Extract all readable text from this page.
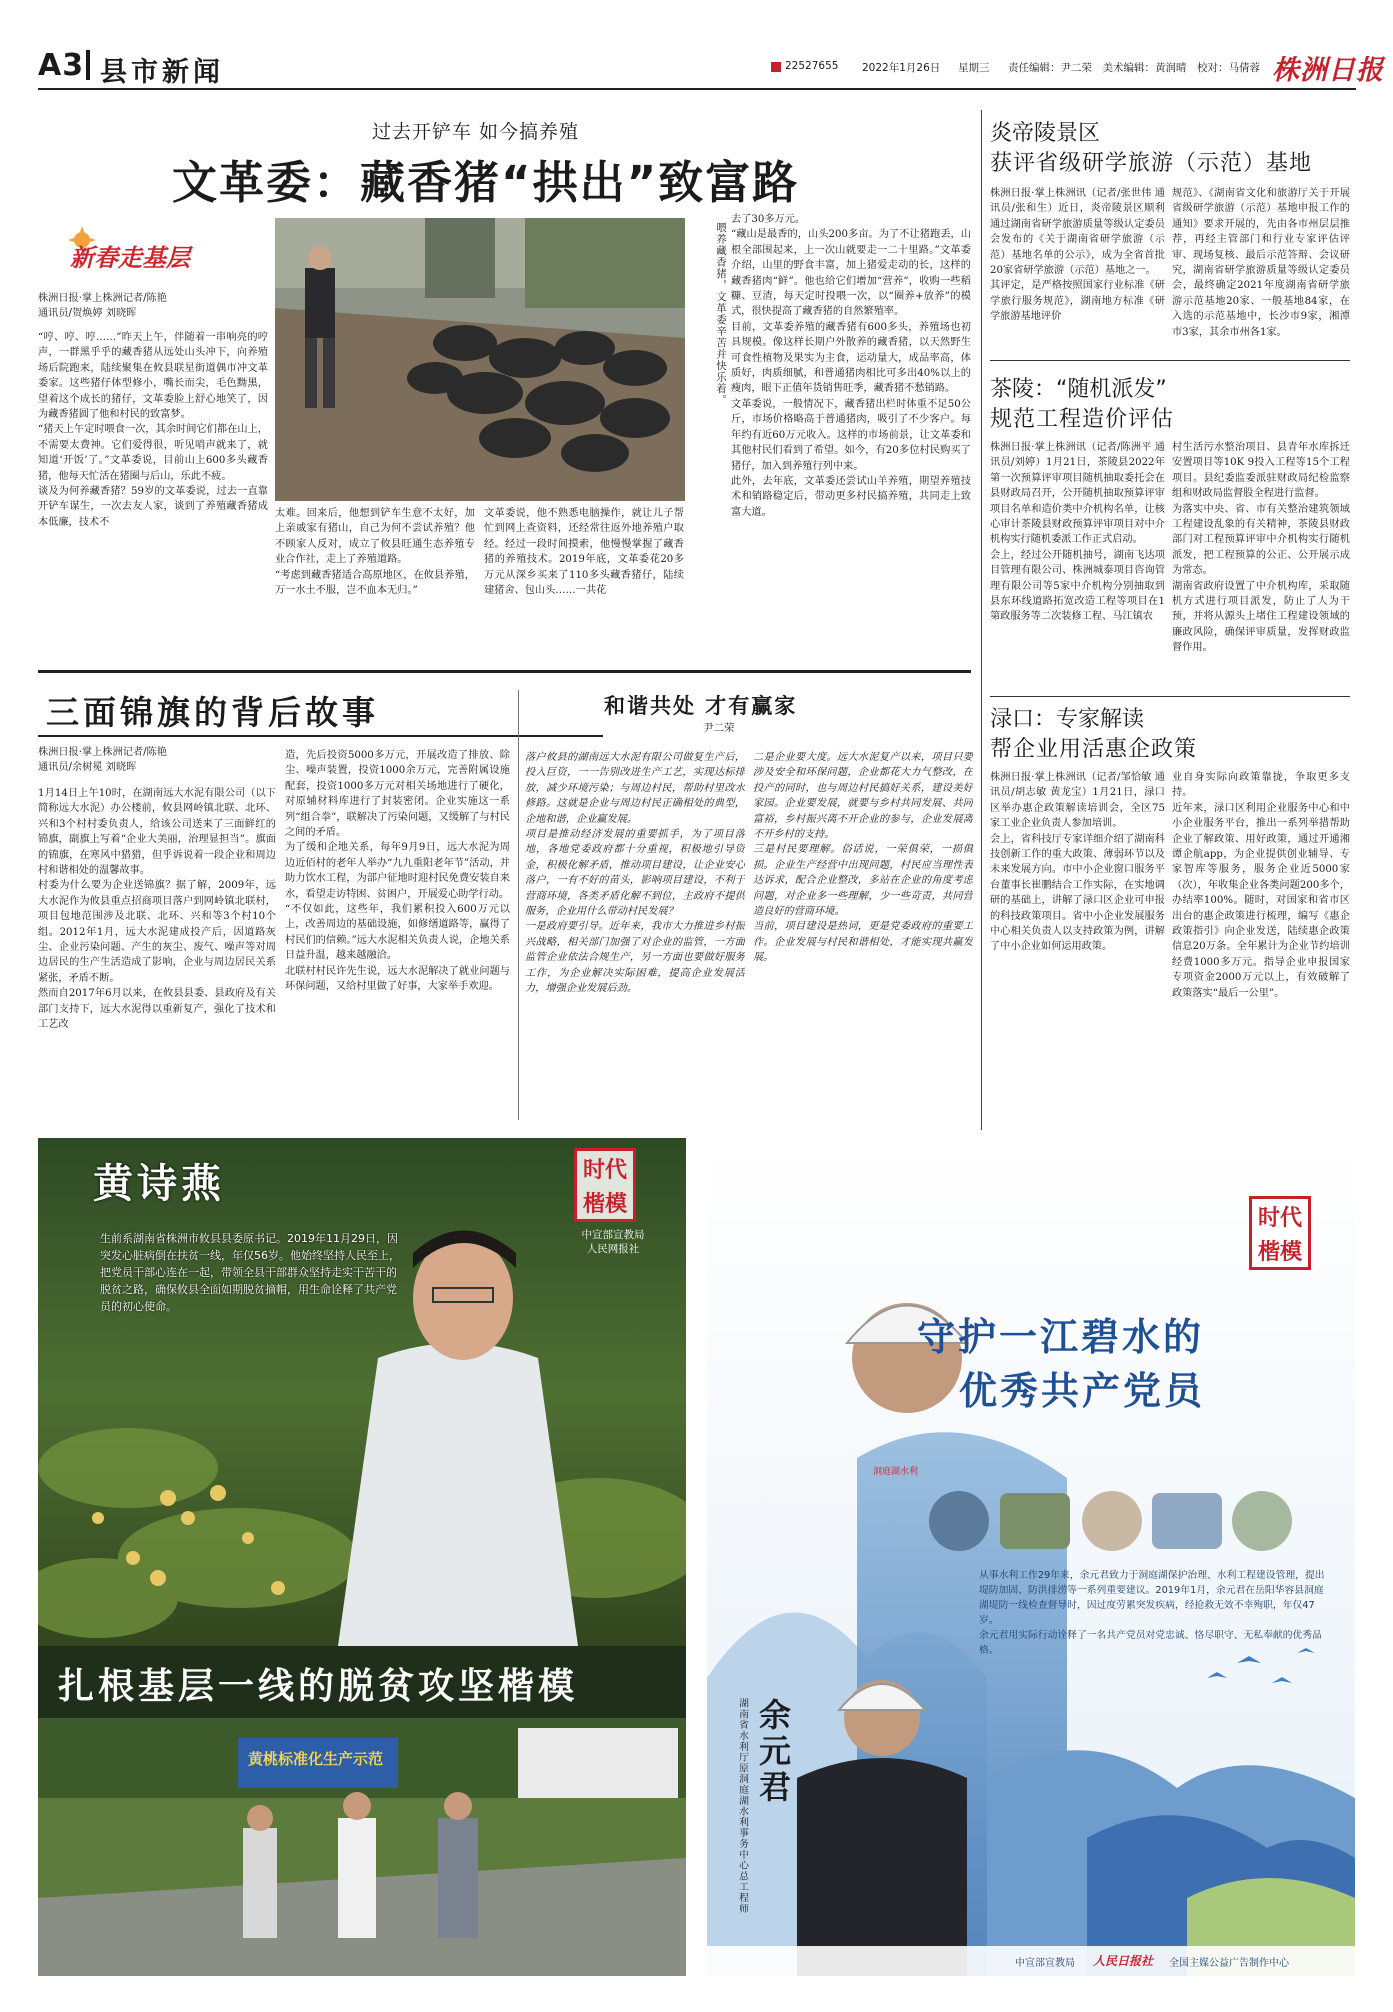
A3 县市新闻	22527655 2022年1月26日 星期三 责任编辑：尹二荣　美术编辑：黄润晴　校对：马倩蓉 株洲日报
过去开铲车 如今搞养殖
文革委：藏香猪“拱出”致富路
新春走基层
株洲日报·掌上株洲记者/陈艳
通讯员/贺焕婷 刘晓晖	喂养藏香猪，文革委辛苦并快乐着。
“哼、哼、哼……”昨天上午，伴随着一串响亮的哼声，一群黑乎乎的藏香猪从远处山头冲下，向养殖场后院跑来，陆续聚集在攸县联星街道偶市冲文革委家。这些猪仔体型修小，嘴长而尖，毛色黝黑，望着这个成长的猪仔，文革委脸上舒心地笑了，因为藏香猪圆了他和村民的致富梦。
“猪天上午定时喂食一次，其余时间它们都在山上，不需要太费神。它们爱得很，听见哨声就来了，就知道‘开饭’了。”文革委说，目前山上600多头藏香猪，他每天忙活在猪圈与后山，乐此不疲。
谈及为何养藏香猪？59岁的文革委说，过去一直靠开铲车谋生，一次去友人家，谈到了养殖藏香猪成本低廉，技术不
太难。回来后，他想到铲车生意不太好，加上亲戚家有猪山，自己为何不尝试养殖？他不顾家人反对，成立了攸县旺通生态养殖专业合作社，走上了养殖道路。
“考虑到藏香猪适合高原地区，在攸县养殖，万一水土不服，岂不血本无归。”
文革委说，他不熟悉电脑操作，就让儿子帮忙到网上查资料，还经常往返外地养殖户取经。经过一段时间摸索，他慢慢掌握了藏香猪的养殖技术。2019年底，文革委花20多万元从深乡买来了110多头藏香猪仔，陆续建猪舍、包山头……一共花
去了30多万元。
“藏山是最香的，山头200多亩。为了不让猪跑丢，山根全部围起来，上一次山就要走一二十里路。”文革委介绍，山里的野食丰富，加上猪爱走动的长，这样的藏香猪肉“鲜”。他也给它们增加“营养”，收购一些稻糠、豆渣，每天定时投喂一次，以“圈养+放养”的模式，很快提高了藏香猪的自然繁殖率。
目前，文革委养殖的藏香猪有600多头，养殖场也初具规模。像这样长期户外散养的藏香猪，以天然野生可食性植物及果实为主食，运动量大，成品率高，体质好，肉质细腻，和普通猪肉相比可多出40%以上的瘦肉，眼下正值年货销售旺季，藏香猪不愁销路。
文革委说，一般情况下，藏香猪出栏时体重不足50公斤，市场价格略高于普通猪肉，吸引了不少客户。每年约有近60万元收入。这样的市场前景，让文革委和其他村民们看到了希望。如今，有20多位村民购买了猪仔，加入到养殖行列中来。
此外，去年底，文革委还尝试山羊养殖，期望养殖技术和销路稳定后，带动更多村民搞养殖，共同走上致富大道。
三面锦旗的背后故事
株洲日报·掌上株洲记者/陈艳
通讯员/余树冕 刘晓晖
1月14日上午10时，在湖南远大水泥有限公司（以下简称远大水泥）办公楼前，攸县网岭镇北联、北环、兴和3个村村委负责人，给该公司送来了三面鲜红的锦旗，副旗上写着“企业大美丽，治理显担当”。旗面的锦旗，在寒风中猎猎，但乎诉说着一段企业和周边村和谐相处的温馨故事。
村委为什么要为企业送锦旗？据了解，2009年，远大水泥作为攸县重点招商项目落户到网岭镇北联村，项目包地范围涉及北联、北环、兴和等3个村10个组。2012年1月，远大水泥建成投产后，因道路灰尘、企业污染问题、产生的灰尘、废气、噪声等对周边居民的生产生活造成了影响，企业与周边居民关系紧张，矛盾不断。
然而自2017年6月以来，在攸县县委、县政府及有关部门支持下，远大水泥得以重新复产，强化了技术和工艺改
造，先后投资5000多万元，开展改造了排放、除尘、噪声装置，投资1000余万元，完善附属设施配套，投资1000多万元对相关场地进行了硬化，对原辅材料库进行了封装密闭。企业实施这一系列“组合拳”，联解决了污染问题，又缓解了与村民之间的矛盾。
为了缓和企地关系，每年9月9日，远大水泥为周边近佰村的老年人举办“九九重阳老年节”活动，并助力饮水工程，为部户征地时迎村民免费安装自来水，看望走访特困、贫困户，开展爱心助学行动。
“不仅如此，这些年，我们累积投入600万元以上，改善周边的基础设施，如修缮道路等，赢得了村民们的信赖。”远大水泥相关负责人说，企地关系日益升温，越来越融洽。
北联村村民许先生说，远大水泥解决了就业问题与环保问题，又给村里做了好事，大家举手欢迎。
和谐共处 才有赢家
尹二荣
落户攸县的湖南远大水泥有限公司做复生产后，投入巨资，一一告别改进生产工艺，实现达标排放，减少环境污染；与周边村民，帮助村里改水修路。这就是企业与周边村民正确相处的典型，企地和谐，企业赢发展。
项目是推动经济发展的重要抓手，为了项目落地，各地党委政府都十分重视，积极地引导资金，积极化解矛盾，推动项目建设，让企业安心落户，一有不好的苗头，影响项目建设，不利于营商环境，各类矛盾化解不到位，主政府不提供服务，企业用什么带动村民发展？
一是政府要引导。近年来，我市大力推进乡村振兴战略，相关部门加强了对企业的监管，一方面监管企业依法合规生产，另一方面也要做好服务工作，为企业解决实际困难，提高企业发展活力，增强企业发展后劲。
二是企业要大度。远大水泥复产以来，项目只要涉及安全和环保问题，企业都花大力气整改，在投产的同时，也与周边村民搞好关系，建设美好家园。企业要发展，就要与乡村共同发展、共同富裕，乡村振兴离不开企业的参与，企业发展离不开乡村的支持。
三是村民要理解。俗话说，一荣俱荣，一损俱损。企业生产经营中出现问题，村民应当理性表达诉求，配合企业整改，多站在企业的角度考虑问题，对企业多一些理解，少一些苛责，共同营造良好的营商环境。
当前，项目建设是热词，更是党委政府的重要工作。企业发展与村民和谐相处，才能实现共赢发展。
炎帝陵景区
获评省级研学旅游（示范）基地
株洲日报·掌上株洲讯（记者/张世伟 通讯员/张和生）近日，炎帝陵景区顺利通过湖南省研学旅游质量等级认定委员会发布的《关于湖南省研学旅游（示范）基地名单的公示》，成为全省首批20家省研学旅游（示范）基地之一。
其评定，是严格按照国家行业标准《研学旅行服务规范》，湖南地方标准《研学旅游基地评价
规范》、《湖南省文化和旅游厅关于开展省级研学旅游（示范）基地申报工作的通知》要求开展的，先由各市州层层推荐，再经主管部门和行业专家评估评审、现场复核、最后示范答辩、会议研究，湖南省研学旅游质量等级认定委员会，最终确定2021年度湖南省研学旅游示范基地20家、一般基地84家，在入选的示范基地中，长沙市9家，湘潭市3家，其余市州各1家。
茶陵：“随机派发”
规范工程造价评估
株洲日报·掌上株洲讯（记者/陈洲平 通讯员/刘婷）1月21日，茶陵县2022年第一次预算评审项目随机抽取委托会在县财政局召开，公开随机抽取预算评审项目名单和造价类中介机构名单，让核心审计茶陵县财政预算评审项目对中介机构实行随机委派工作正式启动。
会上，经过公开随机抽号，湖南飞达项目管理有限公司、株洲城泰项目咨询管理有限公司等5家中介机构分别抽取到县东环线道路拓宽改造工程等项目在1第政服务等二次装修工程、马江镇农
村生活污水整治项目、县青年水库拆迁安置项目等10K 9投入工程等15个工程项目。县纪委监委派驻财政局纪检监察组和财政局监督股全程进行监督。
为落实中央、省、市有关整治建筑领域工程建设乱象的有关精神，茶陵县财政部门对工程预算评审中介机构实行随机派发，把工程预算的公正、公开展示成为常态。
湖南省政府设置了中介机构库，采取随机方式进行项目派发，防止了人为干预，并将从源头上堵住工程建设领域的廉政风险，确保评审质量，发挥财政监督作用。
渌口：专家解读
帮企业用活惠企政策
株洲日报·掌上株洲讯（记者/邹恰敏 通讯员/胡志敏 黄龙宝）1月21日，渌口区举办惠企政策解读培训会，全区75家工业企业负责人参加培训。
会上，省科技厅专家详细介绍了湖南科技创新工作的重大政策、薄弱环节以及未来发展方向。市中小企业窗口服务平台董事长崔鹏结合工作实际，在实地调研的基础上，讲解了渌口区企业可申报的科技政策项目。省中小企业发展服务中心相关负责人以支持政策为例，讲解了中小企业如何运用政策。
业自身实际向政策靠拢，争取更多支持。
近年来，渌口区利用企业服务中心和中小企业服务平台，推出一系列举措帮助企业了解政策、用好政策，通过开通湘谭企航app，为企业提供创业辅导、专家智库等服务，服务企业近5000家（次），年收集企业各类问题200多个，办结率100%。随时，对国家和省市区出台的惠企政策进行梳理，编写《惠企政策指引》向企业发送，陆续惠企政策信息20万条。全年累计为企业节约培训经费1000多万元。指导企业申报国家专项资金2000万元以上，有效破解了政策落实“最后一公里”。
黄诗燕	时代楷模
中宣部宣教局
人民网报社
生前系湖南省株洲市攸县县委原书记。2019年11月29日，因突发心脏病倒在扶贫一线，年仅56岁。他始终坚持人民至上，把党员干部心连在一起，带领全县干部群众坚持走实干苦干的脱贫之路，确保攸县全面如期脱贫摘帽，用生命诠释了共产党员的初心使命。
扎根基层一线的脱贫攻坚楷模
黄桃标准化生产示范
时代楷模
守护一江碧水的
优秀共产党员
洞庭湖水利
从事水利工作29年来，余元君致力于洞庭湖保护治理、水利工程建设管理，提出堤防加固、防洪排涝等一系列重要建议。2019年1月，余元君在岳阳华容县洞庭湖堤防一线检查督导时，因过度劳累突发疾病，经抢救无效不幸殉职，年仅47岁。
余元君用实际行动诠释了一名共产党员对党忠诚、恪尽职守、无私奉献的优秀品格。
余元君
湖南省水利厅原洞庭湖水利事务中心总工程师
中宣部宣教局 人民日报社 全国主媒公益广告制作中心
